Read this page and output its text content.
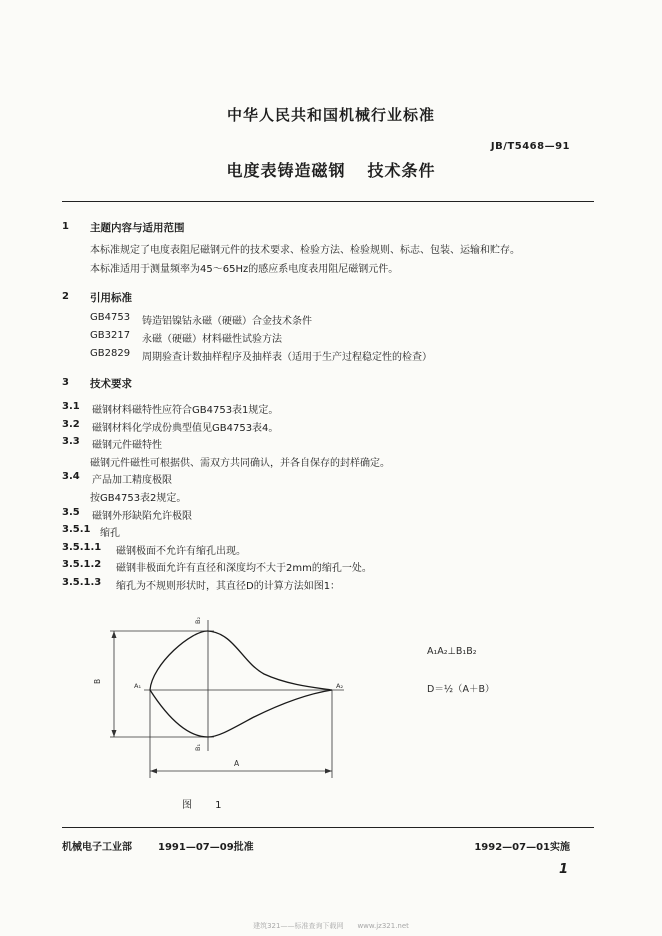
中华人民共和国机械行业标准
JB/T5468—91
电度表铸造磁钢 技术条件
1 主题内容与适用范围
本标准规定了电度表阻尼磁钢元件的技术要求、检验方法、检验规则、标志、包装、运输和贮存。
本标准适用于测量频率为45～65Hz的感应系电度表用阻尼磁钢元件。
2 引用标准
GB4753 铸造铝镍钴永磁（硬磁）合金技术条件
GB3217 永磁（硬磁）材料磁性试验方法
GB2829 周期验查计数抽样程序及抽样表（适用于生产过程稳定性的检查）
3 技术要求
3.1 磁钢材料磁特性应符合GB4753表1规定。
3.2 磁钢材料化学成份典型值见GB4753表4。
3.3 磁钢元件磁特性
磁钢元件磁性可根据供、需双方共同确认，并各自保存的封样确定。
3.4 产品加工精度极限
按GB4753表2规定。
3.5 磁钢外形缺陷允许极限
3.5.1 缩孔
3.5.1.1 磁钢极面不允许有缩孔出现。
3.5.1.2 磁钢非极面允许有直径和深度均不大于2mm的缩孔一处。
3.5.1.3 缩孔为不规则形状时，其直径D的计算方法如图1：
B
A₁	A₂
B₂
B₁
A
图 1
A₁A₂⊥B₁B₂
D＝½（A＋B）
机械电子工业部	1991—07—09批准	1992—07—01实施
1
建筑321——标准查询下载网　　www.jz321.net
